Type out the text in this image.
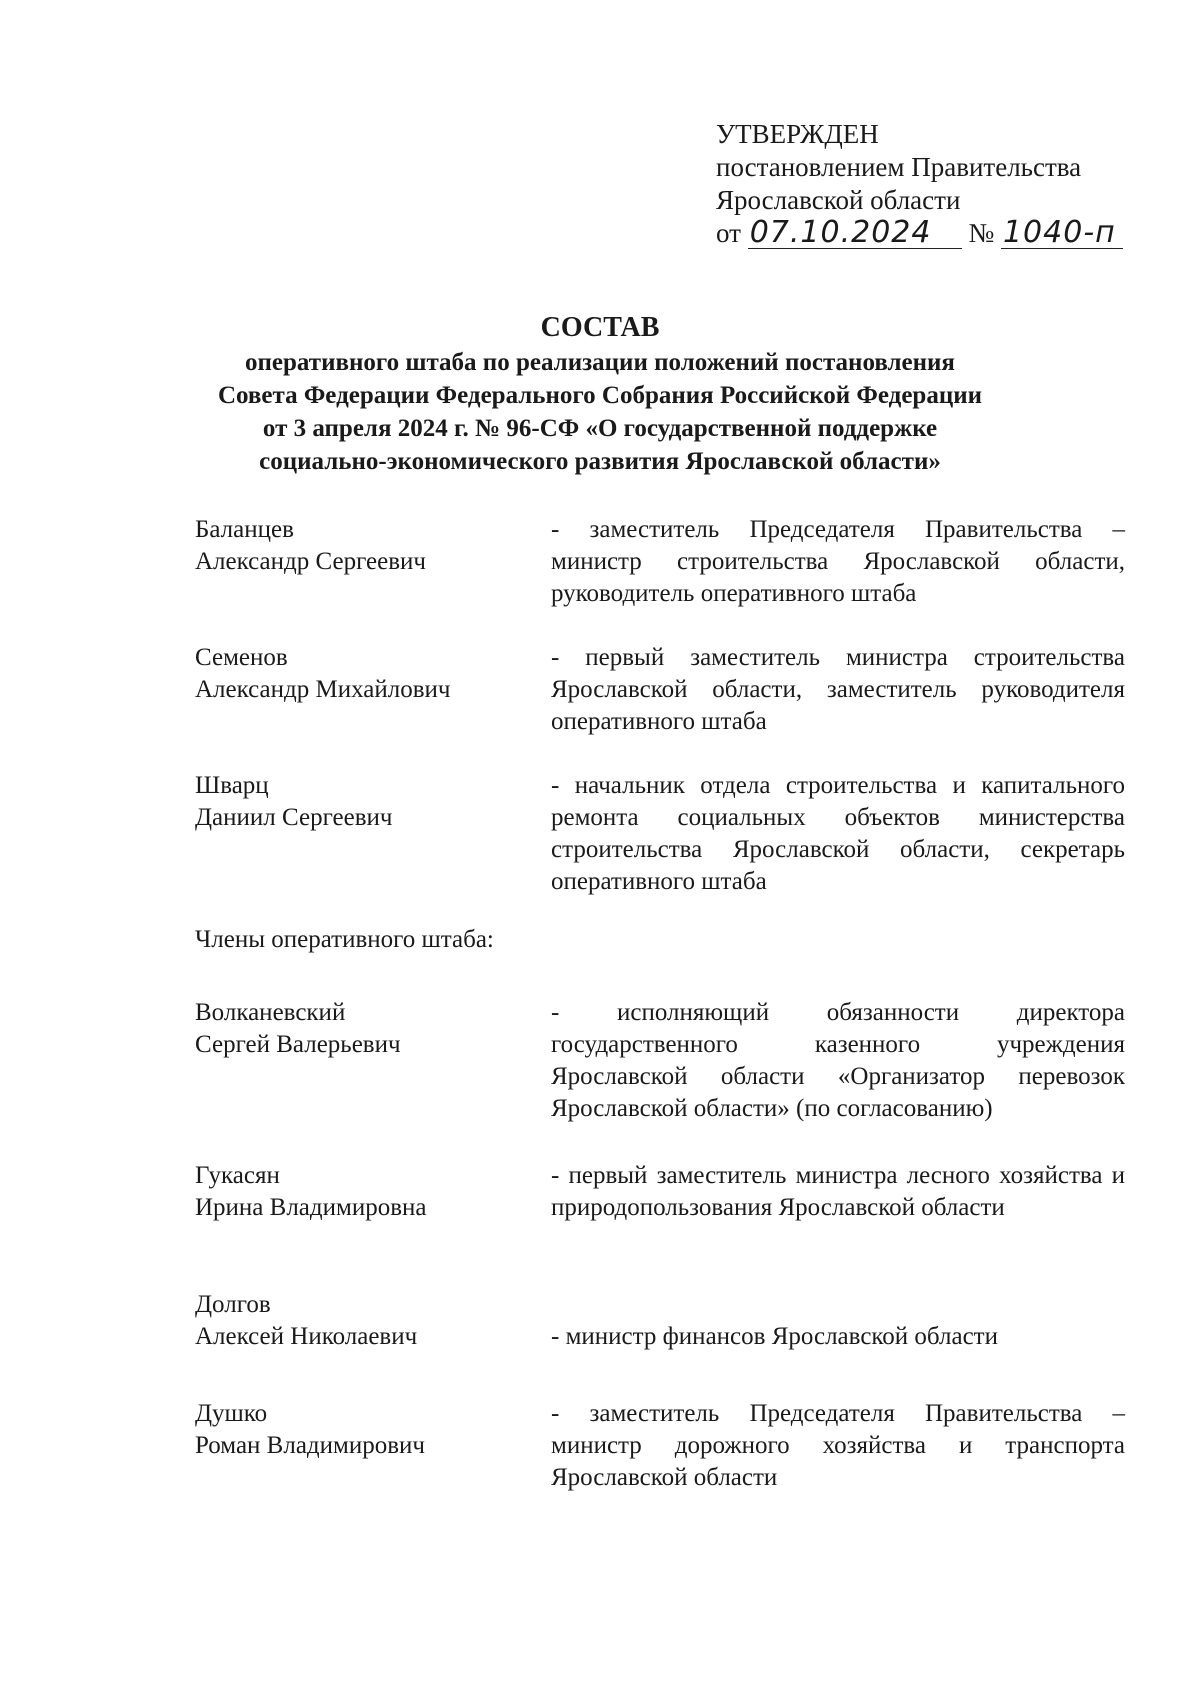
УТВЕРЖДЕН
постановлением Правительства
Ярославской области
от 07.10.2024 № 1040-п
СОСТАВ
оперативного штаба по реализации положений постановления
Совета Федерации Федерального Собрания Российской Федерации
от 3 апреля 2024 г. № 96-СФ «О государственной поддержке
социально-экономического развития Ярославской области»
Баланцев
Александр Сергеевич
- заместитель Председателя Правительства – министр строительства Ярославской области, руководитель оперативного штаба
Семенов
Александр Михайлович
- первый заместитель министра строительства Ярославской области, заместитель руководителя оперативного штаба
Шварц
Даниил Сергеевич
- начальник отдела строительства и капитального ремонта социальных объектов министерства строительства Ярославской области, секретарь оперативного штаба
Члены оперативного штаба:
Волканевский
Сергей Валерьевич
- исполняющий обязанности директора государственного казенного учреждения Ярославской области «Организатор перевозок Ярославской области» (по согласованию)
Гукасян
Ирина Владимировна
- первый заместитель министра лесного хозяйства и природопользования Ярославской области
Долгов
Алексей Николаевич	- министр финансов Ярославской области
Душко
Роман Владимирович
- заместитель Председателя Правительства – министр дорожного хозяйства и транспорта Ярославской области
